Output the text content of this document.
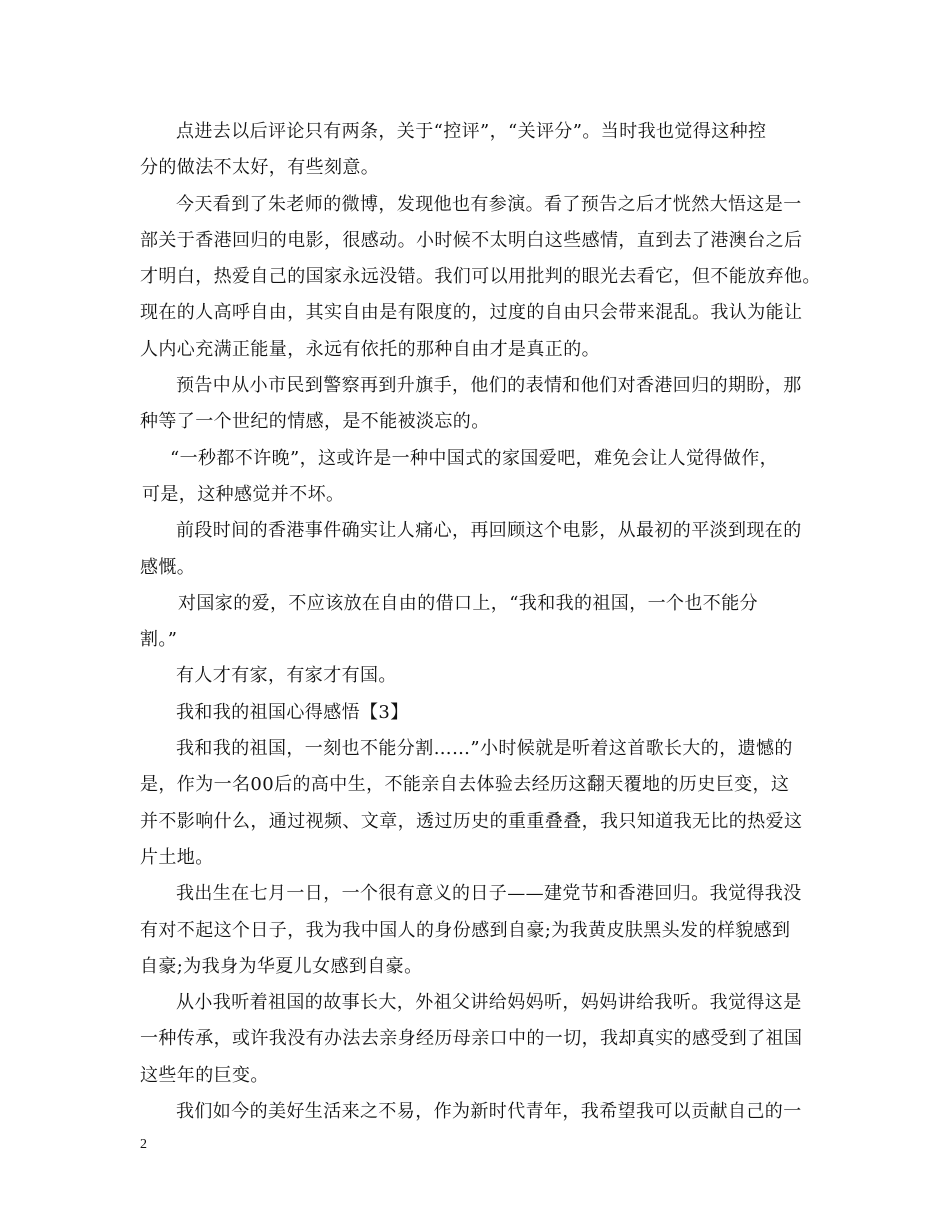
点进去以后评论只有两条，关于“控评”，“关评分”。当时我也觉得这种控
分的做法不太好，有些刻意。
今天看到了朱老师的微博，发现他也有参演。看了预告之后才恍然大悟这是一
部关于香港回归的电影，很感动。小时候不太明白这些感情，直到去了港澳台之后
才明白，热爱自己的国家永远没错。我们可以用批判的眼光去看它，但不能放弃他。
现在的人高呼自由，其实自由是有限度的，过度的自由只会带来混乱。我认为能让
人内心充满正能量，永远有依托的那种自由才是真正的。
预告中从小市民到警察再到升旗手，他们的表情和他们对香港回归的期盼，那
种等了一个世纪的情感，是不能被淡忘的。
“一秒都不许晚”，这或许是一种中国式的家国爱吧，难免会让人觉得做作，
可是，这种感觉并不坏。
前段时间的香港事件确实让人痛心，再回顾这个电影，从最初的平淡到现在的
感慨。
对国家的爱，不应该放在自由的借口上，“我和我的祖国，一个也不能分
割。”
有人才有家，有家才有国。
我和我的祖国心得感悟【3】
我和我的祖国，一刻也不能分割……”小时候就是听着这首歌长大的，遗憾的
是，作为一名00后的高中生，不能亲自去体验去经历这翻天覆地的历史巨变，这
并不影响什么，通过视频、文章，透过历史的重重叠叠，我只知道我无比的热爱这
片土地。
我出生在七月一日，一个很有意义的日子——建党节和香港回归。我觉得我没
有对不起这个日子，我为我中国人的身份感到自豪;为我黄皮肤黑头发的样貌感到
自豪;为我身为华夏儿女感到自豪。
从小我听着祖国的故事长大，外祖父讲给妈妈听，妈妈讲给我听。我觉得这是
一种传承，或许我没有办法去亲身经历母亲口中的一切，我却真实的感受到了祖国
这些年的巨变。
我们如今的美好生活来之不易，作为新时代青年，我希望我可以贡献自己的一
2
